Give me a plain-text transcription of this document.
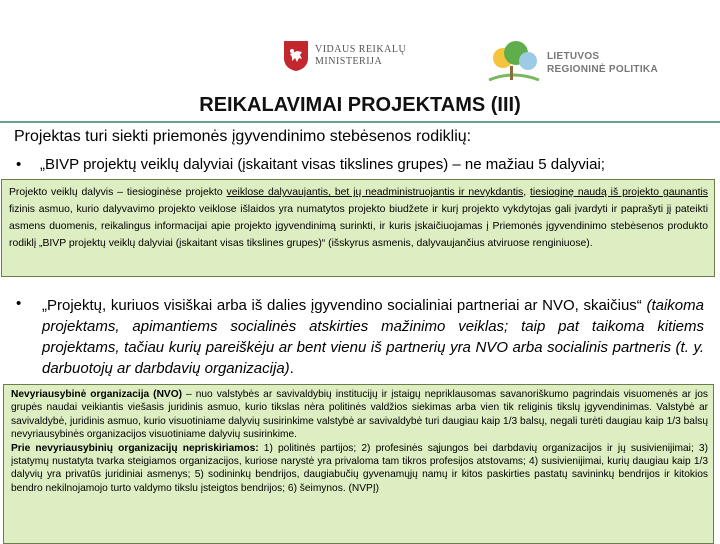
VIDAUS REIKALŲ
MINISTERIJA	LIETUVOS
REGIONINĖ POLITIKA
REIKALAVIMAI PROJEKTAMS (III)
Projektas turi siekti priemonės įgyvendinimo stebėsenos rodiklių:
• „BIVP projektų veiklų dalyviai (įskaitant visas tikslines grupes) – ne mažiau 5 dalyviai;
Projekto veiklų dalyvis – tiesioginėse projekto veiklose dalyvaujantis, bet jų neadministruojantis ir nevykdantis, tiesioginę naudą iš projekto gaunantis fizinis asmuo, kurio dalyvavimo projekto veiklose išlaidos yra numatytos projekto biudžete ir kurį projekto vykdytojas gali įvardyti ir paprašyti jį pateikti asmens duomenis, reikalingus informacijai apie projekto įgyvendinimą surinkti, ir kuris įskaičiuojamas į Priemonės įgyvendinimo stebėsenos produkto rodiklį „BIVP projektų veiklų dalyviai (įskaitant visas tikslines grupes)“ (išskyrus asmenis, dalyvaujančius atviruose renginiuose).
• „Projektų, kuriuos visiškai arba iš dalies įgyvendino socialiniai partneriai ar NVO, skaičius“ (taikoma projektams, apimantiems socialinės atskirties mažinimo veiklas; taip pat taikoma kitiems projektams, tačiau kurių pareiškėju ar bent vienu iš partnerių yra NVO arba socialinis partneris (t. y. darbuotojų ar darbdavių organizacija).

Nevyriausybinė organizacija (NVO) – nuo valstybės ar savivaldybių institucijų ir įstaigų nepriklausomas savanoriškumo pagrindais visuomenės ar jos grupės naudai veikiantis viešasis juridinis asmuo, kurio tikslas nėra politinės valdžios siekimas arba vien tik religinis tikslų įgyvendinimas. Valstybė ar savivaldybė, juridinis asmuo, kurio visuotiniame dalyvių susirinkime valstybė ar savivaldybė turi daugiau kaip 1/3 balsų, negali turėti daugiau kaip 1/3 balsų nevyriausybinės organizacijos visuotiniame dalyvių susirinkime.

Prie nevyriausybinių organizacijų nepriskiriamos: 1) politinės partijos; 2) profesinės sąjungos bei darbdavių organizacijos ir jų susivienijimai; 3) įstatymų nustatyta tvarka steigiamos organizacijos, kuriose narystė yra privaloma tam tikros profesijos atstovams; 4) susivienijimai, kurių daugiau kaip 1/3 dalyvių yra privatūs juridiniai asmenys; 5) sodininkų bendrijos, daugiabučių gyvenamųjų namų ir kitos paskirties pastatų savininkų bendrijos ir kitokios bendro nekilnojamojo turto valdymo tikslu įsteigtos bendrijos; 6) šeimynos. (NVPĮ)
